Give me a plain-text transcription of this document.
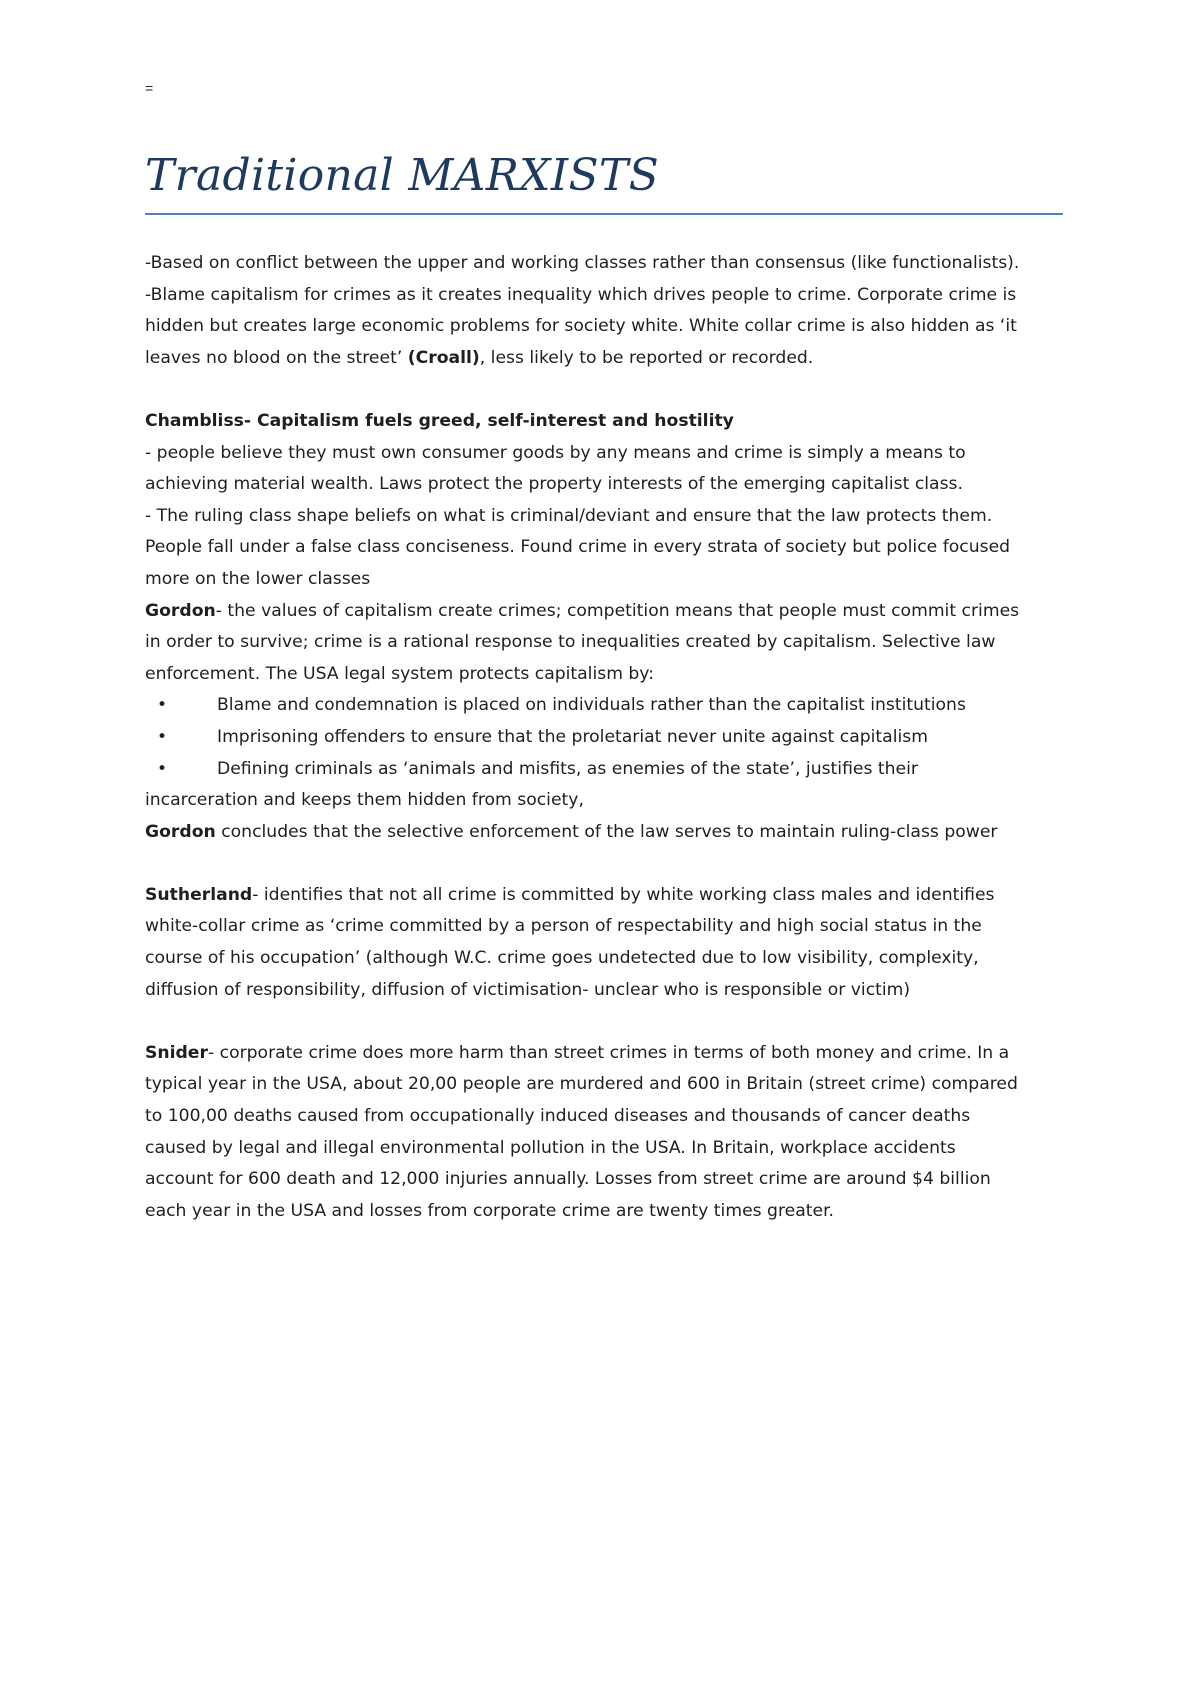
=
Traditional MARXISTS
-Based on conflict between the upper and working classes rather than consensus (like functionalists).
-Blame capitalism for crimes as it creates inequality which drives people to crime. Corporate crime is
hidden but creates large economic problems for society white. White collar crime is also hidden as ‘it
leaves no blood on the street’ (Croall), less likely to be reported or recorded.
Chambliss- Capitalism fuels greed, self-interest and hostility
- people believe they must own consumer goods by any means and crime is simply a means to
achieving material wealth. Laws protect the property interests of the emerging capitalist class.
- The ruling class shape beliefs on what is criminal/deviant and ensure that the law protects them.
People fall under a false class conciseness. Found crime in every strata of society but police focused
more on the lower classes
Gordon- the values of capitalism create crimes; competition means that people must commit crimes
in order to survive; crime is a rational response to inequalities created by capitalism. Selective law
enforcement. The USA legal system protects capitalism by:
•	Blame and condemnation is placed on individuals rather than the capitalist institutions
•	Imprisoning offenders to ensure that the proletariat never unite against capitalism
•	Defining criminals as ‘animals and misfits, as enemies of the state’, justifies their
incarceration and keeps them hidden from society,
Gordon concludes that the selective enforcement of the law serves to maintain ruling-class power
Sutherland- identifies that not all crime is committed by white working class males and identifies
white-collar crime as ‘crime committed by a person of respectability and high social status in the
course of his occupation’ (although W.C. crime goes undetected due to low visibility, complexity,
diffusion of responsibility, diffusion of victimisation- unclear who is responsible or victim)
Snider- corporate crime does more harm than street crimes in terms of both money and crime. In a
typical year in the USA, about 20,00 people are murdered and 600 in Britain (street crime) compared
to 100,00 deaths caused from occupationally induced diseases and thousands of cancer deaths
caused by legal and illegal environmental pollution in the USA. In Britain, workplace accidents
account for 600 death and 12,000 injuries annually. Losses from street crime are around $4 billion
each year in the USA and losses from corporate crime are twenty times greater.
